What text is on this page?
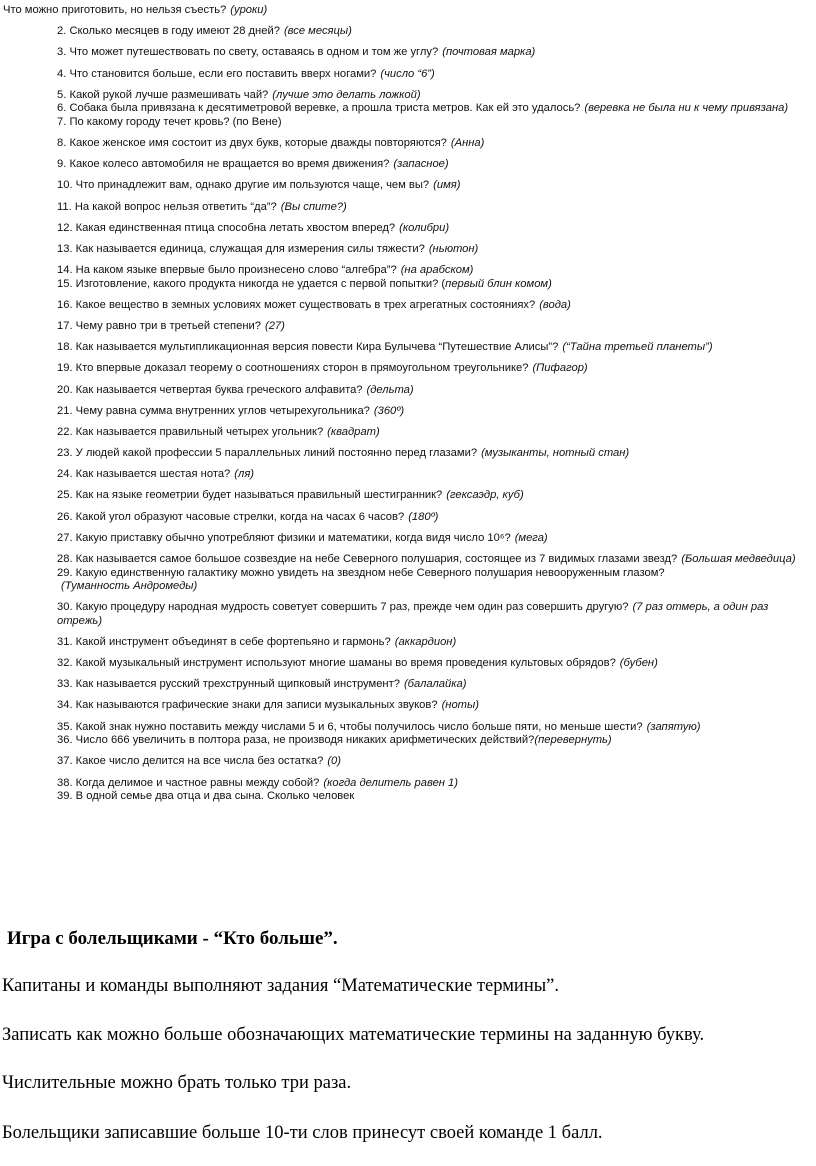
Что можно приготовить, но нельзя съесть? (уроки)
2. Сколько месяцев в году имеют 28 дней? (все месяцы)
3. Что может путешествовать по свету, оставаясь в одном и том же углу? (почтовая марка)
4. Что становится больше, если его поставить вверх ногами? (число “6”)
5. Какой рукой лучше размешивать чай? (лучше это делать ложкой)
6. Собака была привязана к десятиметровой веревке, а прошла триста метров. Как ей это удалось? (веревка не была ни к чему привязана)
7. По какому городу течет кровь? (по Вене)
8. Какое женское имя состоит из двух букв, которые дважды повторяются? (Анна)
9. Какое колесо автомобиля не вращается во время движения? (запасное)
10. Что принадлежит вам, однако другие им пользуются чаще, чем вы? (имя)
11. На какой вопрос нельзя ответить “да”? (Вы спите?)
12. Какая единственная птица способна летать хвостом вперед? (колибри)
13. Как называется единица, служащая для измерения силы тяжести? (ньютон)
14. На каком языке впервые было произнесено слово “алгебра”? (на арабском)
15. Изготовление, какого продукта никогда не удается с первой попытки? (первый блин комом)
16. Какое вещество в земных условиях может существовать в трех агрегатных состояниях? (вода)
17. Чему равно три в третьей степени? (27)
18. Как называется мультипликационная версия повести Кира Булычева “Путешествие Алисы”? (“Тайна третьей планеты”)
19. Кто впервые доказал теорему о соотношениях сторон в прямоугольном треугольнике? (Пифагор)
20. Как называется четвертая буква греческого алфавита? (дельта)
21. Чему равна сумма внутренних углов четырехугольника? (360º)
22. Как называется правильный четырех угольник? (квадрат)
23. У людей какой профессии 5 параллельных линий постоянно перед глазами? (музыканты, нотный стан)
24. Как называется шестая нота? (ля)
25. Как на языке геометрии будет называться правильный шестигранник? (гексаэдр, куб)
26. Какой угол образуют часовые стрелки, когда на часах 6 часов? (180º)
27. Какую приставку обычно употребляют физики и математики, когда видя число 10⁶? (мега)
28. Как называется самое большое созвездие на небе Северного полушария, состоящее из 7 видимых глазами звезд? (Большая медведица)
29. Какую единственную галактику можно увидеть на звездном небе Северного полушария невооруженным глазом?(Туманность Андромеды)
30. Какую процедуру народная мудрость советует совершить 7 раз, прежде чем один раз совершить другую? (7 раз отмерь, а один раз отрежь)
31. Какой инструмент объединят в себе фортепьяно и гармонь? (аккардион)
32. Какой музыкальный инструмент используют многие шаманы во время проведения культовых обрядов? (бубен)
33. Как называется русский трехструнный щипковый инструмент? (балалайка)
34. Как называются графические знаки для записи музыкальных звуков? (ноты)
35. Какой знак нужно поставить между числами 5 и 6, чтобы получилось число больше пяти, но меньше шести? (запятую)
36. Число 666 увеличить в полтора раза, не производя никаких арифметических действий?(перевернуть)
37. Какое число делится на все числа без остатка? (0)
38. Когда делимое и частное равны между собой? (когда делитель равен 1)
39. В одной семье два отца и два сына. Сколько человек
Игра с болельщиками - “Кто больше”.

Капитаны и команды выполняют задания “Математические термины”.

Записать как можно больше обозначающих математические термины на заданную букву.

Числительные можно брать только три раза.

Болельщики записавшие больше 10-ти слов принесут своей команде 1 балл.
